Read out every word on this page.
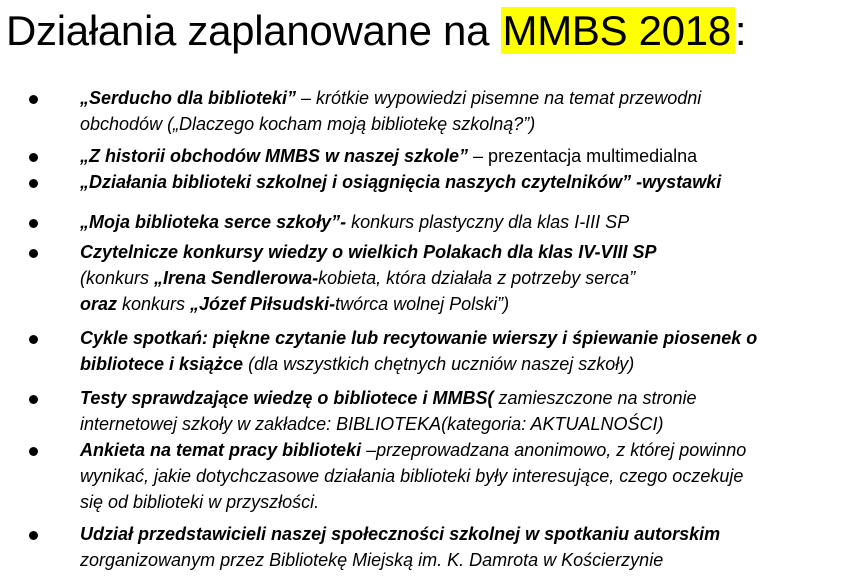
Działania zaplanowane na MMBS 2018:
„Serducho dla biblioteki” – krótkie wypowiedzi pisemne na temat przewodni
obchodów („Dlaczego kocham moją bibliotekę szkolną?”)
„Z historii obchodów MMBS w naszej szkole” – prezentacja multimedialna
„Działania biblioteki szkolnej i osiągnięcia naszych czytelników” -wystawki
„Moja biblioteka serce szkoły”- konkurs plastyczny dla klas I-III SP
Czytelnicze konkursy wiedzy o wielkich Polakach dla klas IV-VIII SP
(konkurs „Irena Sendlerowa-kobieta, która działała z potrzeby serca”
oraz konkurs „Józef Piłsudski-twórca wolnej Polski”)
Cykle spotkań: piękne czytanie lub recytowanie wierszy i śpiewanie piosenek o
bibliotece i książce (dla wszystkich chętnych uczniów naszej szkoły)
Testy sprawdzające wiedzę o bibliotece i MMBS( zamieszczone na stronie
internetowej szkoły w zakładce: BIBLIOTEKA(kategoria: AKTUALNOŚCI)
Ankieta na temat pracy biblioteki –przeprowadzana anonimowo, z której powinno
wynikać, jakie dotychczasowe działania biblioteki były interesujące, czego oczekuje
się od biblioteki w przyszłości.
Udział przedstawicieli naszej społeczności szkolnej w spotkaniu autorskim
zorganizowanym przez Bibliotekę Miejską im. K. Damrota w Kościerzynie
